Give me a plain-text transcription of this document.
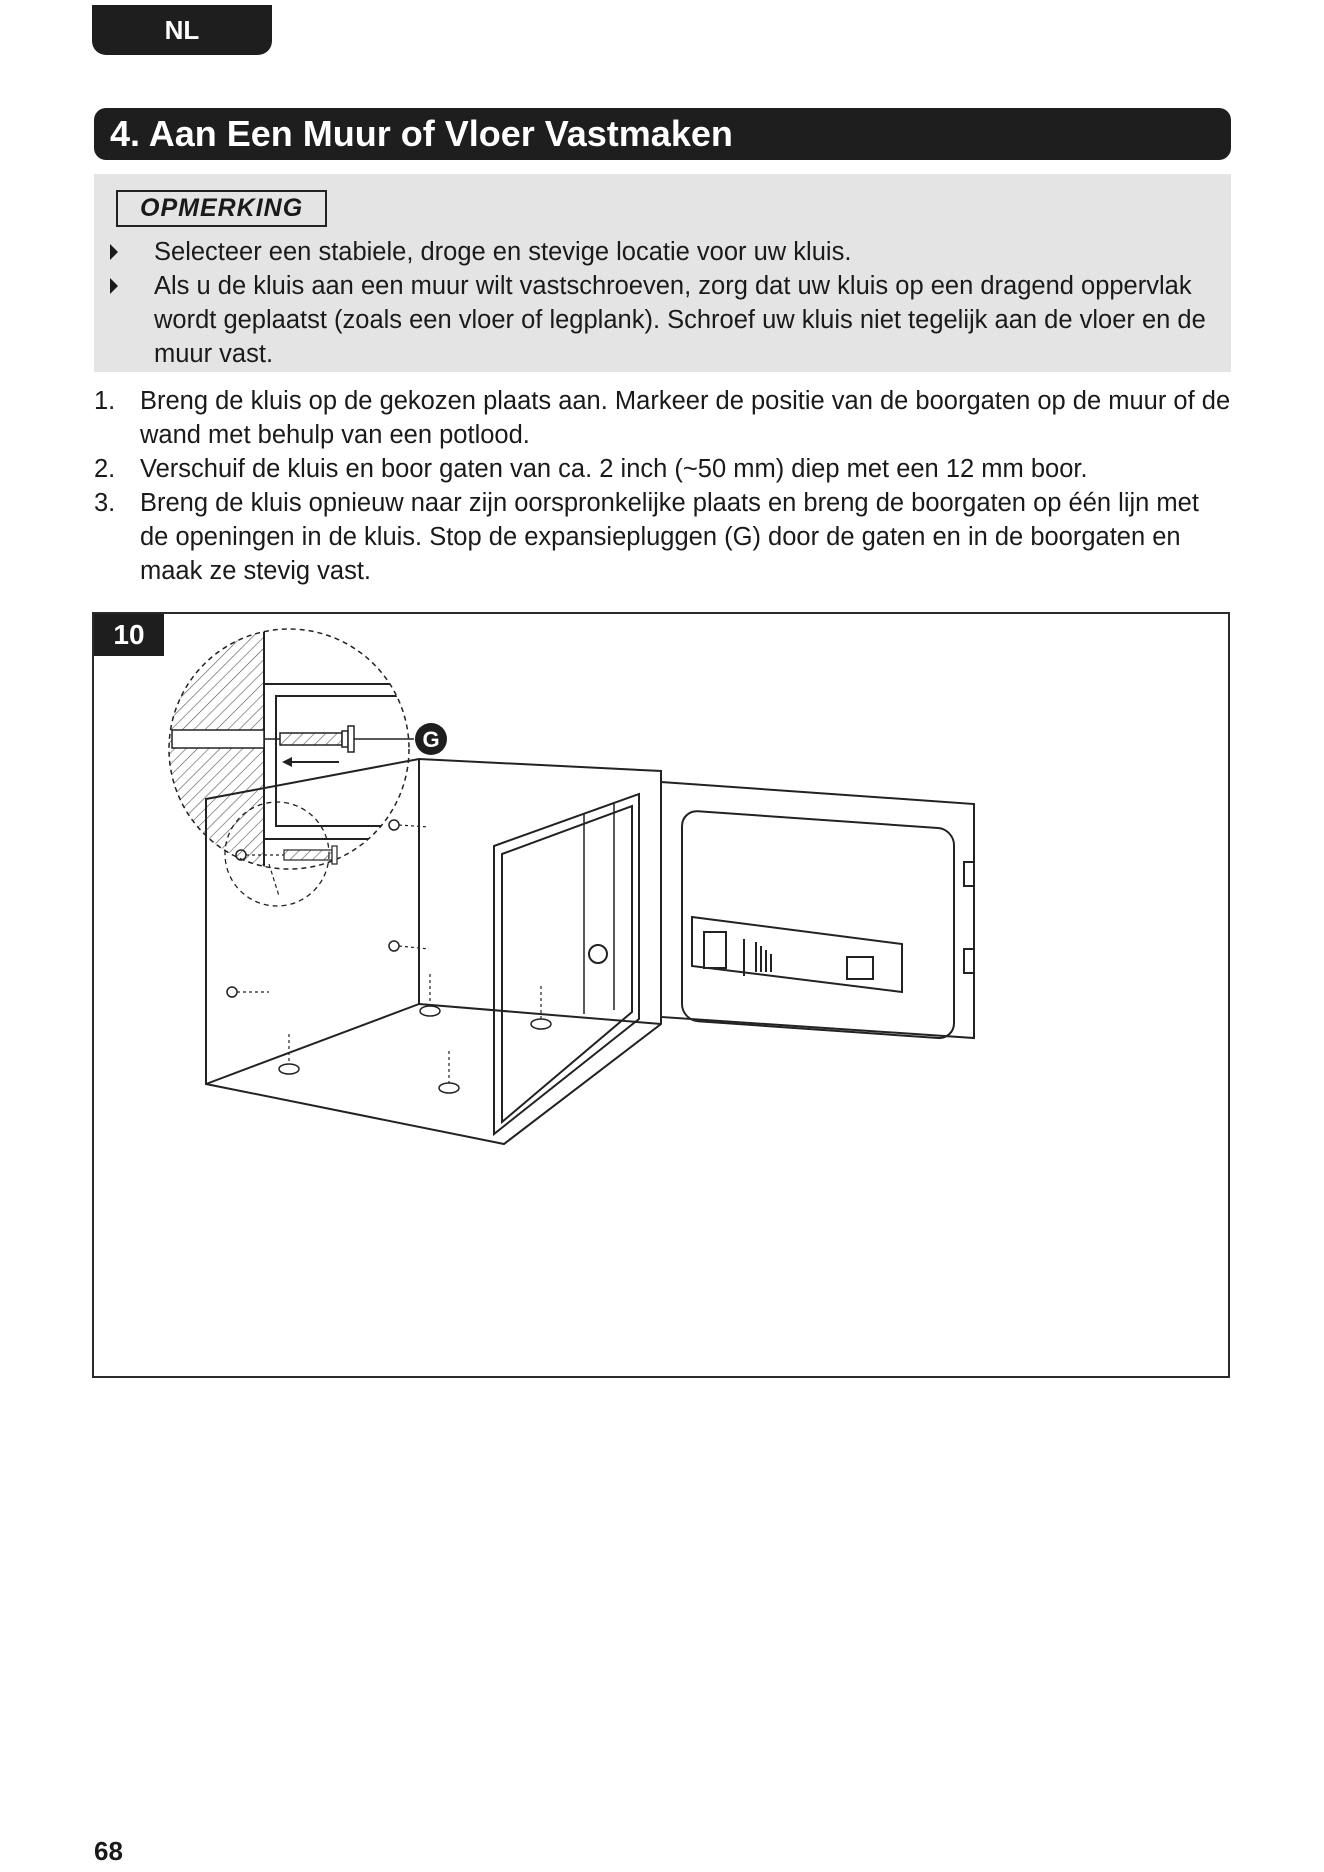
NL
4. Aan Een Muur of Vloer Vastmaken
OPMERKING
Selecteer een stabiele, droge en stevige locatie voor uw kluis.
Als u de kluis aan een muur wilt vastschroeven, zorg dat uw kluis op een dragend oppervlak wordt geplaatst (zoals een vloer of legplank). Schroef uw kluis niet tegelijk aan de vloer en de muur vast.
1. Breng de kluis op de gekozen plaats aan. Markeer de positie van de boorgaten op de muur of de wand met behulp van een potlood.
2. Verschuif de kluis en boor gaten van ca. 2 inch (~50 mm) diep met een 12 mm boor.
3. Breng de kluis opnieuw naar zijn oorspronkelijke plaats en breng de boorgaten op één lijn met de openingen in de kluis. Stop de expansiepluggen (G) door de gaten en in de boorgaten en maak ze stevig vast.
G
10
68
